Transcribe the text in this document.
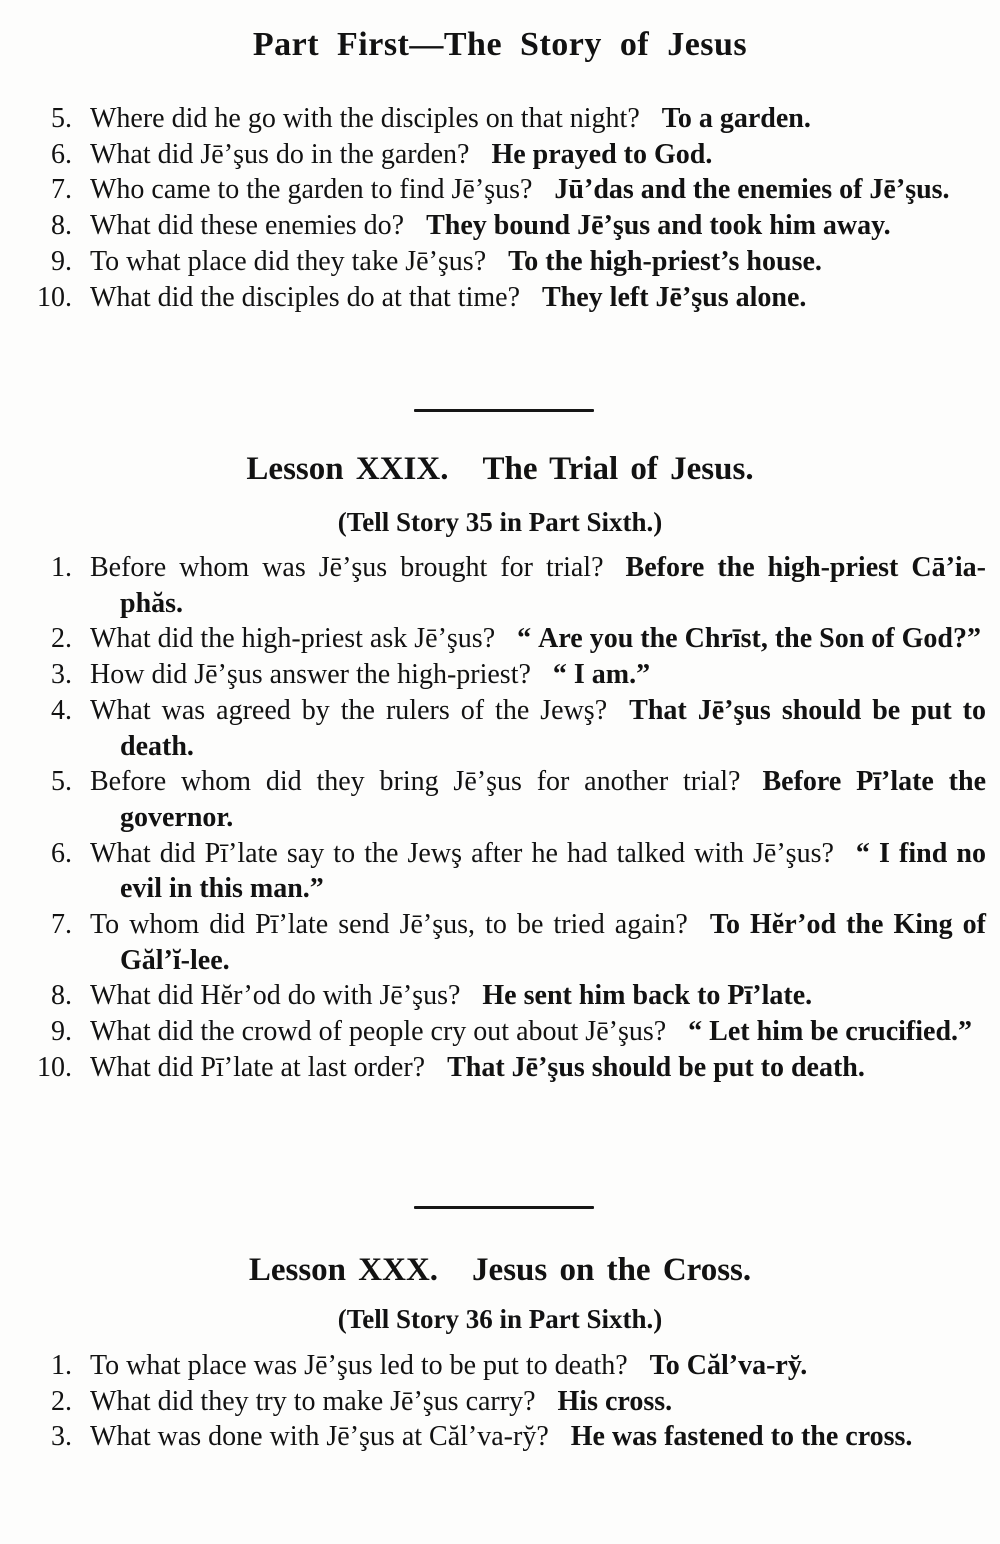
Part First—The Story of Jesus
5. Where did he go with the disciples on that night? To a garden.
6. What did Jē’şus do in the garden? He prayed to God.
7. Who came to the garden to find Jē’şus? Jū’das and the enemies of Jē’şus.
8. What did these enemies do? They bound Jē’şus and took him away.
9. To what place did they take Jē’şus? To the high-priest’s house.
10. What did the disciples do at that time? They left Jē’şus alone.
Lesson XXIX. The Trial of Jesus.
(Tell Story 35 in Part Sixth.)
1. Before whom was Jē’şus brought for trial? Before the high-priest Cā’ia-phăs.
2. What did the high-priest ask Jē’şus? “ Are you the Chrīst, the Son of God?”
3. How did Jē’şus answer the high-priest? “ I am.”
4. What was agreed by the rulers of the Jewş? That Jē’şus should be put to death.
5. Before whom did they bring Jē’şus for another trial? Before Pī’late the governor.
6. What did Pī’late say to the Jewş after he had talked with Jē’şus? “ I find no evil in this man.”
7. To whom did Pī’late send Jē’şus, to be tried again? To Hĕr’od the King of Găl’ĭ-lee.
8. What did Hĕr’od do with Jē’şus? He sent him back to Pī’late.
9. What did the crowd of people cry out about Jē’şus? “ Let him be crucified.”
10. What did Pī’late at last order? That Jē’şus should be put to death.
Lesson XXX. Jesus on the Cross.
(Tell Story 36 in Part Sixth.)
1. To what place was Jē’şus led to be put to death? To Căl’va-ry̆.
2. What did they try to make Jē’şus carry? His cross.
3. What was done with Jē’şus at Căl’va-ry̆? He was fastened to the cross.
